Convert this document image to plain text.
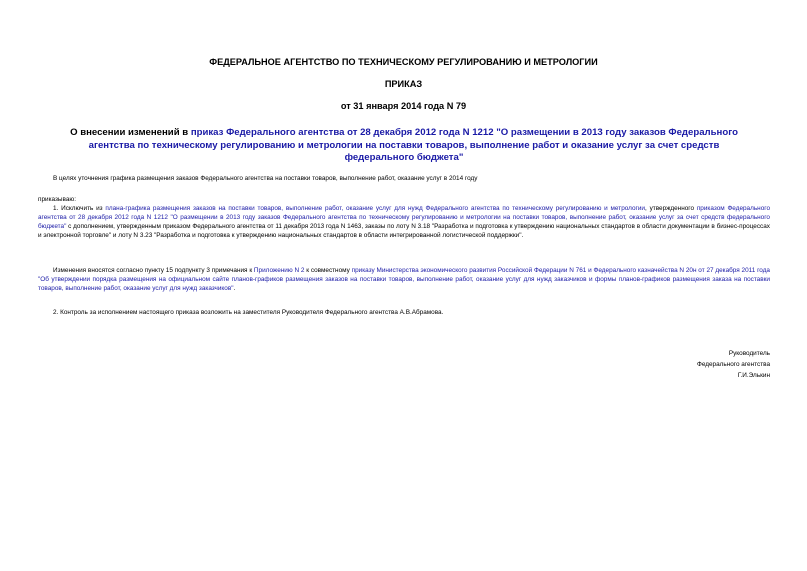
ФЕДЕРАЛЬНОЕ АГЕНТСТВО ПО ТЕХНИЧЕСКОМУ РЕГУЛИРОВАНИЮ И МЕТРОЛОГИИ
ПРИКАЗ
от 31 января 2014 года N 79
О внесении изменений в приказ Федерального агентства от 28 декабря 2012 года N 1212 "О размещении в 2013 году заказов Федерального агентства по техническому регулированию и метрологии на поставки товаров, выполнение работ и оказание услуг за счет средств федерального бюджета"
В целях уточнения графика размещения заказов Федерального агентства на поставки товаров, выполнение работ, оказание услуг в 2014 году
приказываю:
1. Исключить из плана-графика размещения заказов на поставки товаров, выполнение работ, оказание услуг для нужд Федерального агентства по техническому регулированию и метрологии, утвержденного приказом Федерального агентства от 28 декабря 2012 года N 1212 "О размещении в 2013 году заказов Федерального агентства по техническому регулированию и метрологии на поставки товаров, выполнение работ, оказание услуг за счет средств федерального бюджета" с дополнением, утвержденным приказом Федерального агентства от 11 декабря 2013 года N 1463, заказы по лоту N 3.18 "Разработка и подготовка к утверждению национальных стандартов в области документации в бизнес-процессах и электронной торговле" и лоту N 3.23 "Разработка и подготовка к утверждению национальных стандартов в области интегрированной логистической поддержки".
Изменения вносятся согласно пункту 15 подпункту 3 примечания к Приложению N 2 к совместному приказу Министерства экономического развития Российской Федерации N 761 и Федерального казначейства N 20н от 27 декабря 2011 года "Об утверждении порядка размещения на официальном сайте планов-графиков размещения заказов на поставки товаров, выполнение работ, оказание услуг для нужд заказчиков и формы планов-графиков размещения заказа на поставки товаров, выполнение работ, оказание услуг для нужд заказчиков".
2. Контроль за исполнением настоящего приказа возложить на заместителя Руководителя Федерального агентства А.В.Абрамова.
Руководитель
Федерального агентства
Г.И.Элькин
